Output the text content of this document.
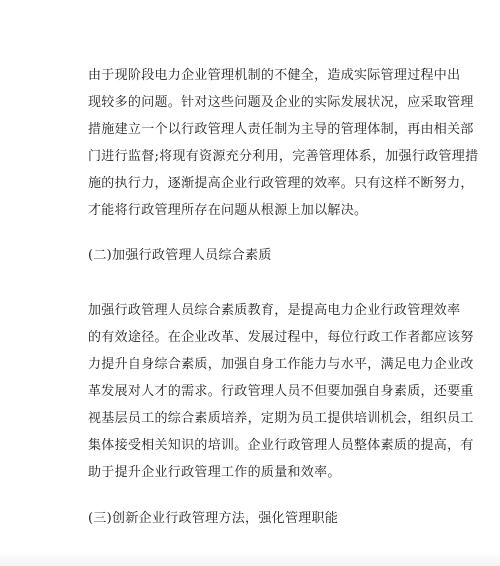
由于现阶段电力企业管理机制的不健全，造成实际管理过程中出
现较多的问题。针对这些问题及企业的实际发展状况，应采取管理
措施建立一个以行政管理人责任制为主导的管理体制，再由相关部
门进行监督;将现有资源充分利用，完善管理体系，加强行政管理措
施的执行力，逐渐提高企业行政管理的效率。只有这样不断努力，
才能将行政管理所存在问题从根源上加以解决。
(二)加强行政管理人员综合素质
加强行政管理人员综合素质教育，是提高电力企业行政管理效率
的有效途径。在企业改革、发展过程中，每位行政工作者都应该努
力提升自身综合素质，加强自身工作能力与水平，满足电力企业改
革发展对人才的需求。行政管理人员不但要加强自身素质，还要重
视基层员工的综合素质培养，定期为员工提供培训机会，组织员工
集体接受相关知识的培训。企业行政管理人员整体素质的提高，有
助于提升企业行政管理工作的质量和效率。
(三)创新企业行政管理方法，强化管理职能
